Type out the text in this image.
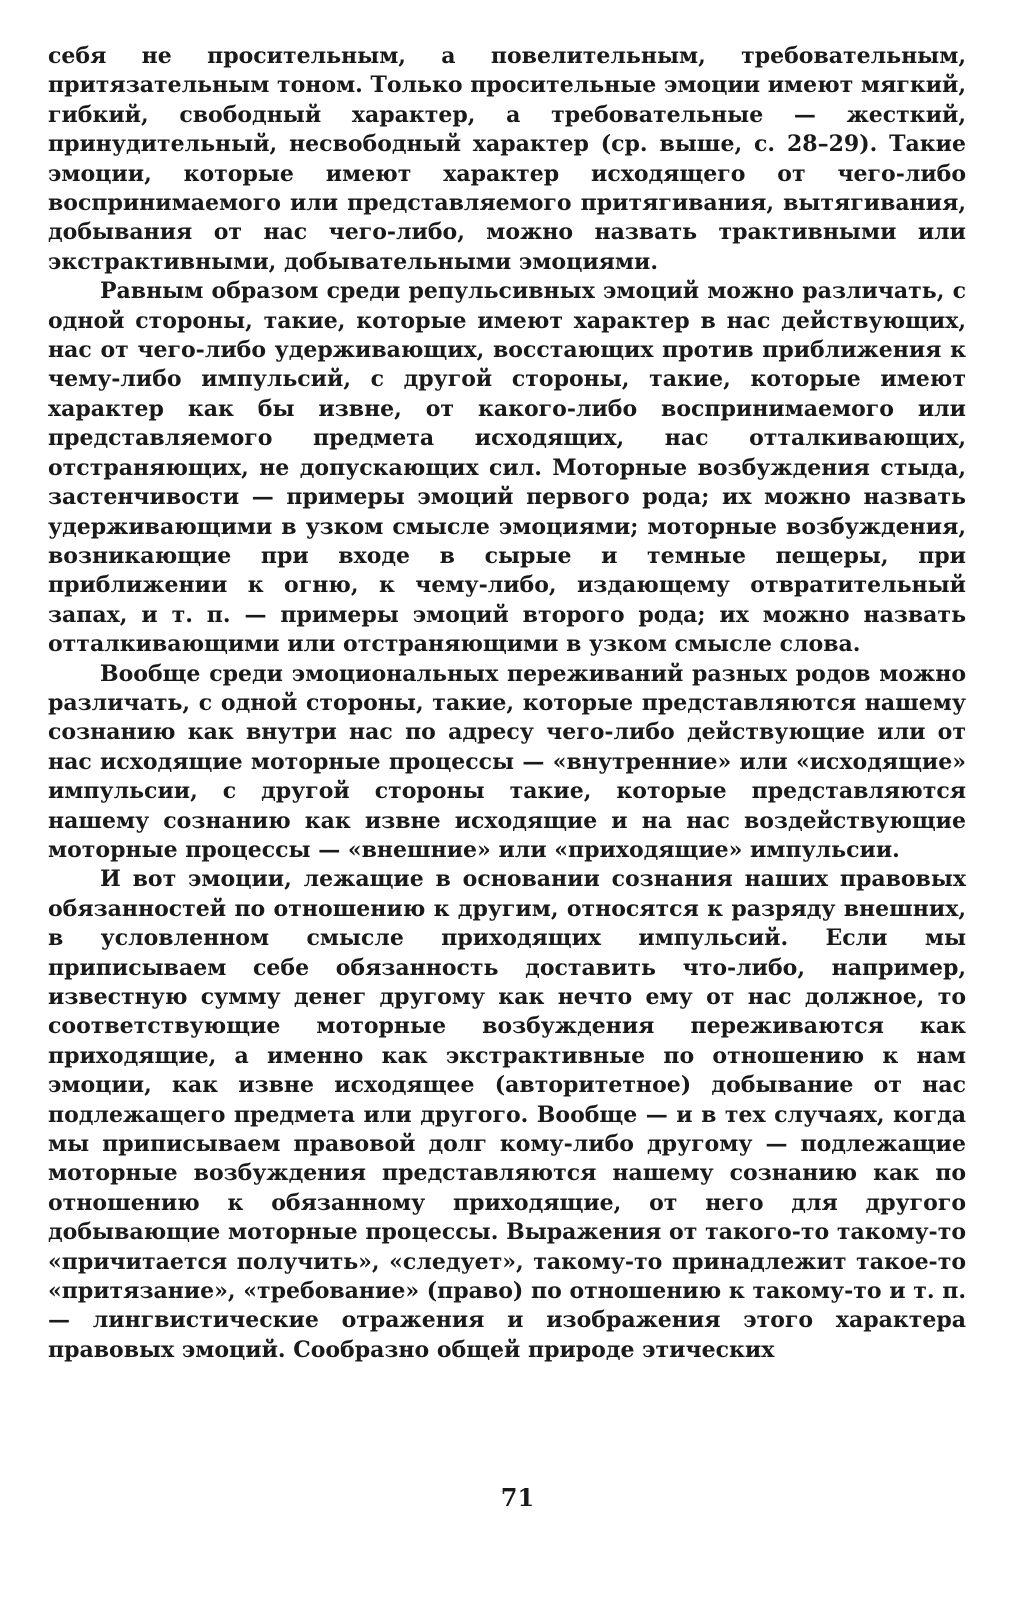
себя не просительным, а повелительным, требовательным, притязательным тоном. Только просительные эмоции имеют мягкий, гибкий, свободный характер, а требовательные — жесткий, принудительный, несвободный характер (ср. выше, с. 28–29). Такие эмоции, которые имеют характер исходящего от чего-либо воспринимаемого или представляемого притягивания, вытягивания, добывания от нас чего-либо, можно назвать трактивными или экстрактивными, добывательными эмоциями.

Равным образом среди репульсивных эмоций можно различать, с одной стороны, такие, которые имеют характер в нас действующих, нас от чего-либо удерживающих, восстающих против приближения к чему-либо импульсий, с другой стороны, такие, которые имеют характер как бы извне, от какого-либо воспринимаемого или представляемого предмета исходящих, нас отталкивающих, отстраняющих, не допускающих сил. Моторные возбуждения стыда, застенчивости — примеры эмоций первого рода; их можно назвать удерживающими в узком смысле эмоциями; моторные возбуждения, возникающие при входе в сырые и темные пещеры, при приближении к огню, к чему-либо, издающему отвратительный запах, и т. п. — примеры эмоций второго рода; их можно назвать отталкивающими или отстраняющими в узком смысле слова.

Вообще среди эмоциональных переживаний разных родов можно различать, с одной стороны, такие, которые представляются нашему сознанию как внутри нас по адресу чего-либо действующие или от нас исходящие моторные процессы — «внутренние» или «исходящие» импульсии, с другой стороны такие, которые представляются нашему сознанию как извне исходящие и на нас воздействующие моторные процессы — «внешние» или «приходящие» импульсии.

И вот эмоции, лежащие в основании сознания наших правовых обязанностей по отношению к другим, относятся к разряду внешних, в условленном смысле приходящих импульсий. Если мы приписываем себе обязанность доставить что-либо, например, известную сумму денег другому как нечто ему от нас должное, то соответствующие моторные возбуждения переживаются как приходящие, а именно как экстрактивные по отношению к нам эмоции, как извне исходящее (авторитетное) добывание от нас подлежащего предмета или другого. Вообще — и в тех случаях, когда мы приписываем правовой долг кому-либо другому — подлежащие моторные возбуждения представляются нашему сознанию как по отношению к обязанному приходящие, от него для другого добывающие моторные процессы. Выражения от такого-то такому-то «причитается получить», «следует», такому-то принадлежит такое-то «притязание», «требование» (право) по отношению к такому-то и т. п. — лингвистические отражения и изображения этого характера правовых эмоций. Сообразно общей природе этических

71
